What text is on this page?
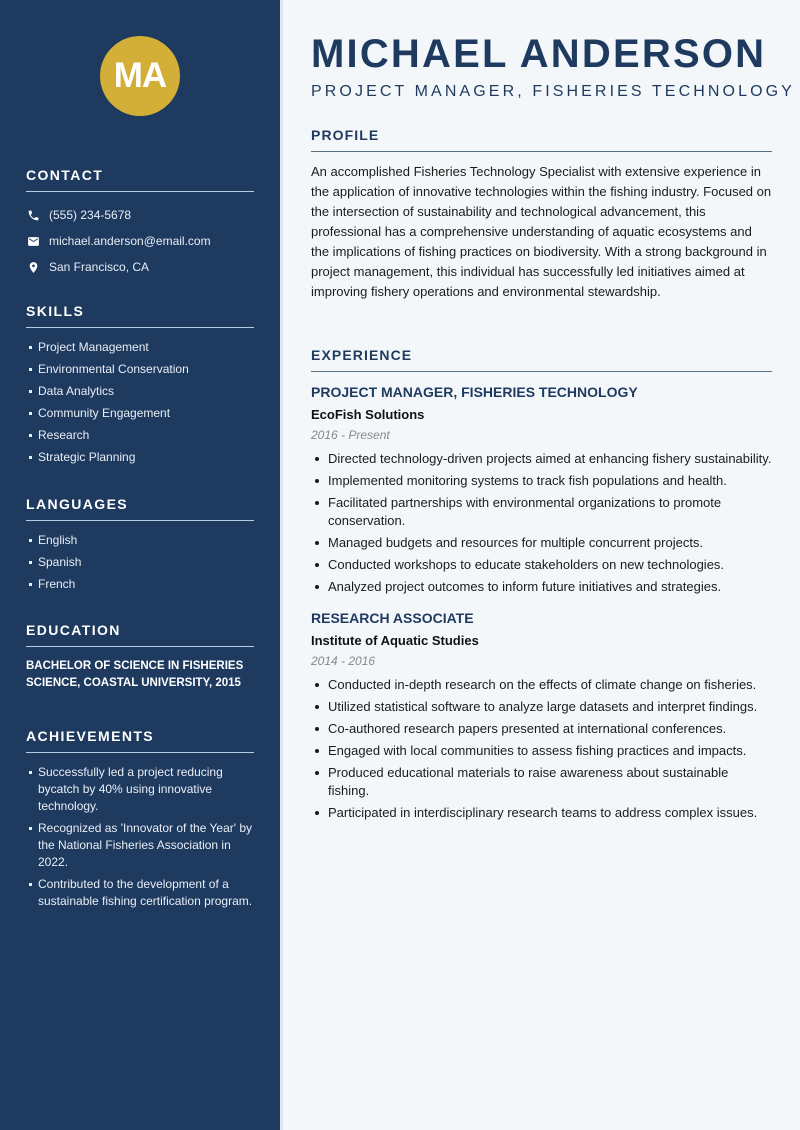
MA
CONTACT
(555) 234-5678
michael.anderson@email.com
San Francisco, CA
SKILLS
Project Management
Environmental Conservation
Data Analytics
Community Engagement
Research
Strategic Planning
LANGUAGES
English
Spanish
French
EDUCATION

BACHELOR OF SCIENCE IN FISHERIES SCIENCE, COASTAL UNIVERSITY, 2015

ACHIEVEMENTS
Successfully led a project reducing bycatch by 40% using innovative technology.
Recognized as 'Innovator of the Year' by the National Fisheries Association in 2022.
Contributed to the development of a sustainable fishing certification program.
MICHAEL ANDERSON
PROJECT MANAGER, FISHERIES TECHNOLOGY
PROFILE

An accomplished Fisheries Technology Specialist with extensive experience in the application of innovative technologies within the fishing industry. Focused on the intersection of sustainability and technological advancement, this professional has a comprehensive understanding of aquatic ecosystems and the implications of fishing practices on biodiversity. With a strong background in project management, this individual has successfully led initiatives aimed at improving fishery operations and environmental stewardship.

EXPERIENCE
PROJECT MANAGER, FISHERIES TECHNOLOGY
EcoFish Solutions
2016 - Present
Directed technology-driven projects aimed at enhancing fishery sustainability.
Implemented monitoring systems to track fish populations and health.
Facilitated partnerships with environmental organizations to promote conservation.
Managed budgets and resources for multiple concurrent projects.
Conducted workshops to educate stakeholders on new technologies.
Analyzed project outcomes to inform future initiatives and strategies.
RESEARCH ASSOCIATE
Institute of Aquatic Studies
2014 - 2016
Conducted in-depth research on the effects of climate change on fisheries.
Utilized statistical software to analyze large datasets and interpret findings.
Co-authored research papers presented at international conferences.
Engaged with local communities to assess fishing practices and impacts.
Produced educational materials to raise awareness about sustainable fishing.
Participated in interdisciplinary research teams to address complex issues.
